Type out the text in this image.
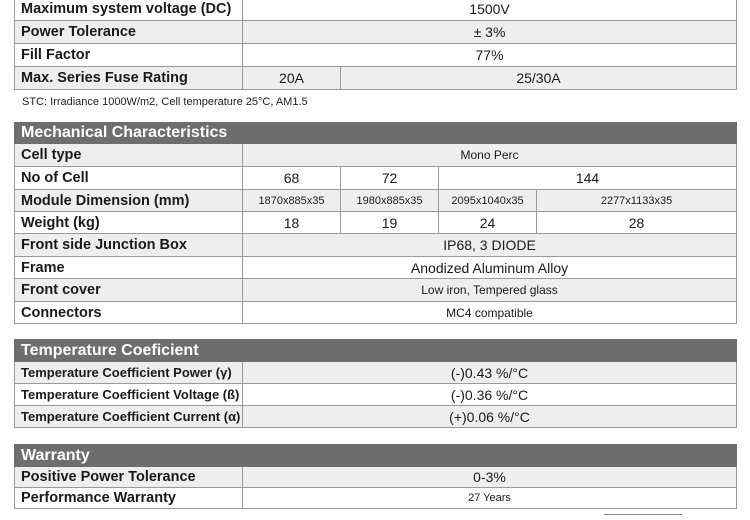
Maximum system voltage (DC)	1500V	
Power Tolerance	± 3%	
Fill Factor	77%	
Max. Series Fuse Rating	20A	25/30A
STC: Irradiance 1000W/m2, Cell temperature 25°C, AM1.5
Mechanical Characteristics				
Cell type	Mono Perc			
No of Cell	68	72	144	
Module Dimension (mm)	1870x885x35	1980x885x35	2095x1040x35	2277x1133x35
Weight (kg)	18	19	24	28
Front side Junction Box	IP68, 3 DIODE			
Frame	Anodized Aluminum Alloy			
Front cover	Low iron, Tempered glass			
Connectors	MC4 compatible			
Temperature Coeficient	
Temperature Coefficient Power (γ)	(-)0.43 %/°C
Temperature Coefficient Voltage (ß)	(-)0.36 %/°C
Temperature Coefficient Current (α)	(+)0.06 %/°C
Warranty	
Positive Power Tolerance	0-3%
Performance Warranty	27 Years
